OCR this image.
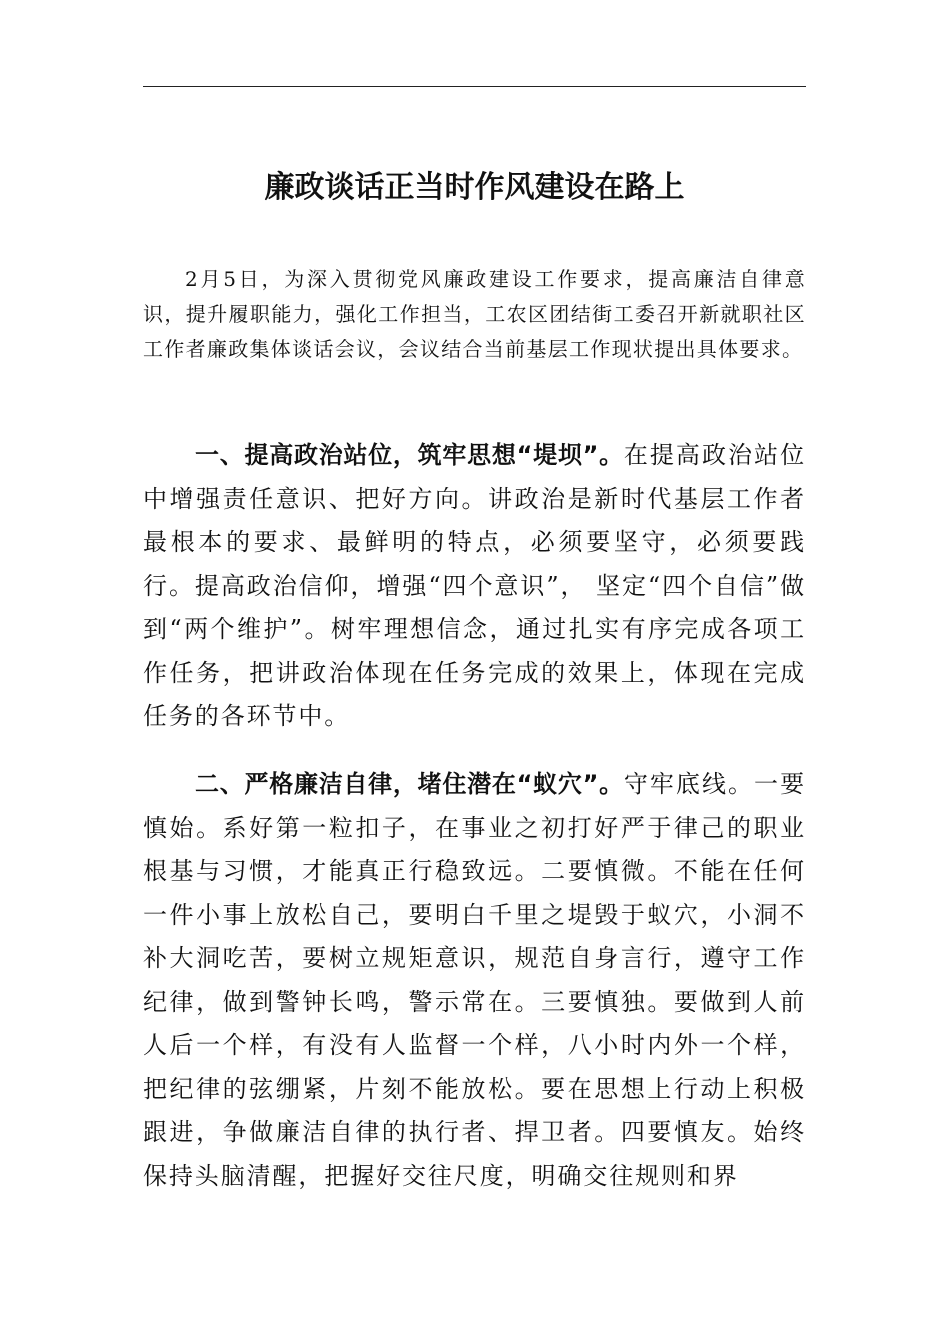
廉政谈话正当时作风建设在路上

2月5日，为深入贯彻党风廉政建设工作要求，提高廉洁自律意识，提升履职能力，强化工作担当，工农区团结街工委召开新就职社区工作者廉政集体谈话会议，会议结合当前基层工作现状提出具体要求。

一、提高政治站位，筑牢思想“堤坝”。在提高政治站位中增强责任意识、把好方向。讲政治是新时代基层工作者最根本的要求、最鲜明的特点，必须要坚守，必须要践行。提高政治信仰，增强“四个意识”， 坚定“四个自信”做到“两个维护”。树牢理想信念，通过扎实有序完成各项工作任务，把讲政治体现在任务完成的效果上，体现在完成任务的各环节中。

二、严格廉洁自律，堵住潜在“蚁穴”。守牢底线。一要慎始。系好第一粒扣子，在事业之初打好严于律己的职业根基与习惯，才能真正行稳致远。二要慎微。不能在任何一件小事上放松自己，要明白千里之堤毁于蚁穴，小洞不补大洞吃苦，要树立规矩意识，规范自身言行，遵守工作纪律，做到警钟长鸣，警示常在。三要慎独。要做到人前人后一个样，有没有人监督一个样，八小时内外一个样，把纪律的弦绷紧，片刻不能放松。要在思想上行动上积极跟进，争做廉洁自律的执行者、捍卫者。四要慎友。始终保持头脑清醒，把握好交往尺度，明确交往规则和界
